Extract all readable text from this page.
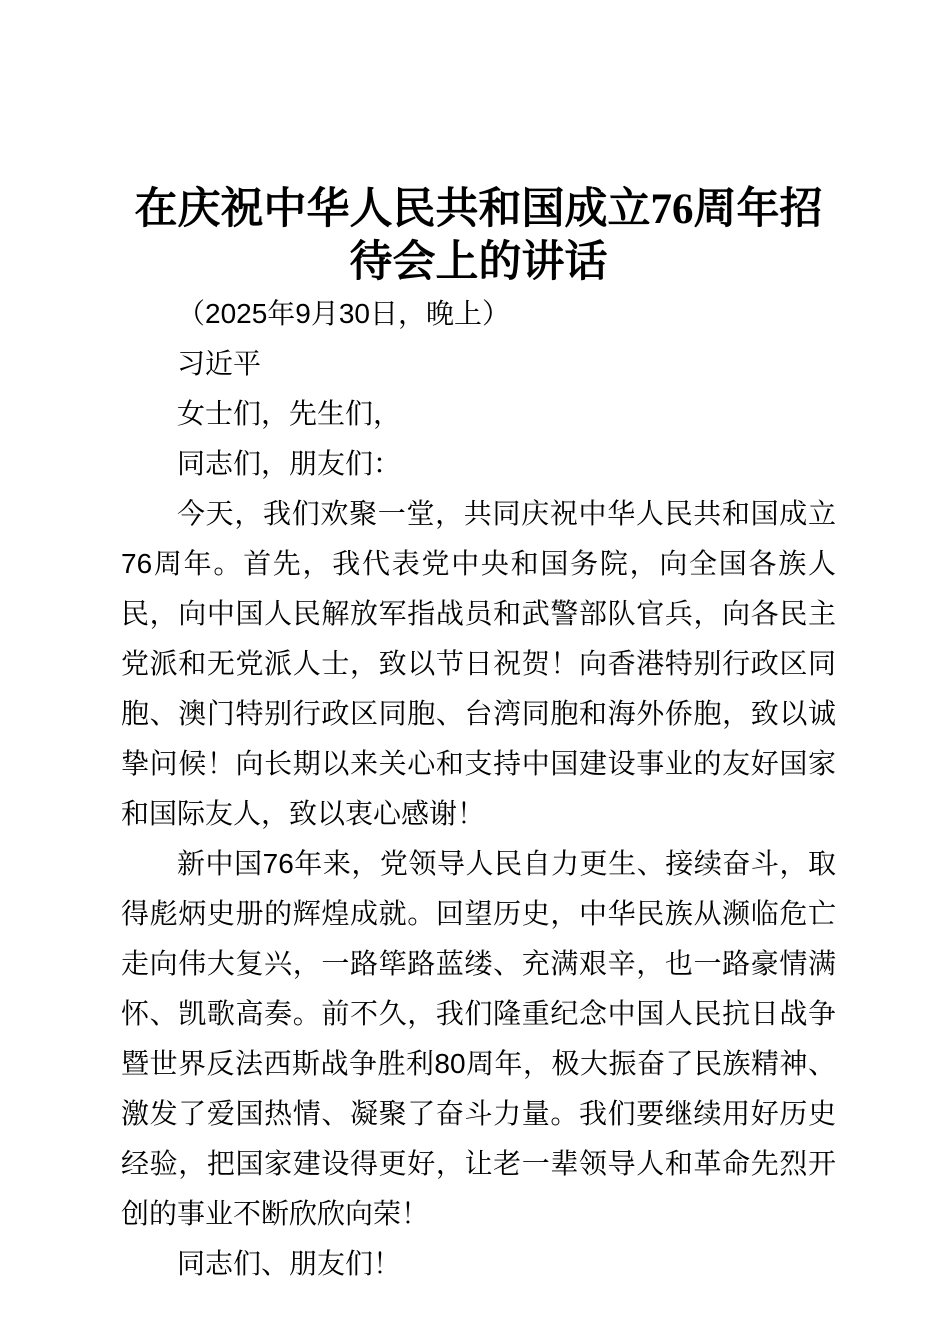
在庆祝中华人民共和国成立76周年招待会上的讲话

（2025年9月30日，晚上）

习近平

女士们，先生们，

同志们，朋友们：

今天，我们欢聚一堂，共同庆祝中华人民共和国成立76周年。首先，我代表党中央和国务院，向全国各族人民，向中国人民解放军指战员和武警部队官兵，向各民主党派和无党派人士，致以节日祝贺！向香港特别行政区同胞、澳门特别行政区同胞、台湾同胞和海外侨胞，致以诚挚问候！向长期以来关心和支持中国建设事业的友好国家和国际友人，致以衷心感谢！

新中国76年来，党领导人民自力更生、接续奋斗，取得彪炳史册的辉煌成就。回望历史，中华民族从濒临危亡走向伟大复兴，一路筚路蓝缕、充满艰辛，也一路豪情满怀、凯歌高奏。前不久，我们隆重纪念中国人民抗日战争暨世界反法西斯战争胜利80周年，极大振奋了民族精神、激发了爱国热情、凝聚了奋斗力量。我们要继续用好历史经验，把国家建设得更好，让老一辈领导人和革命先烈开创的事业不断欣欣向荣！

同志们、朋友们！
